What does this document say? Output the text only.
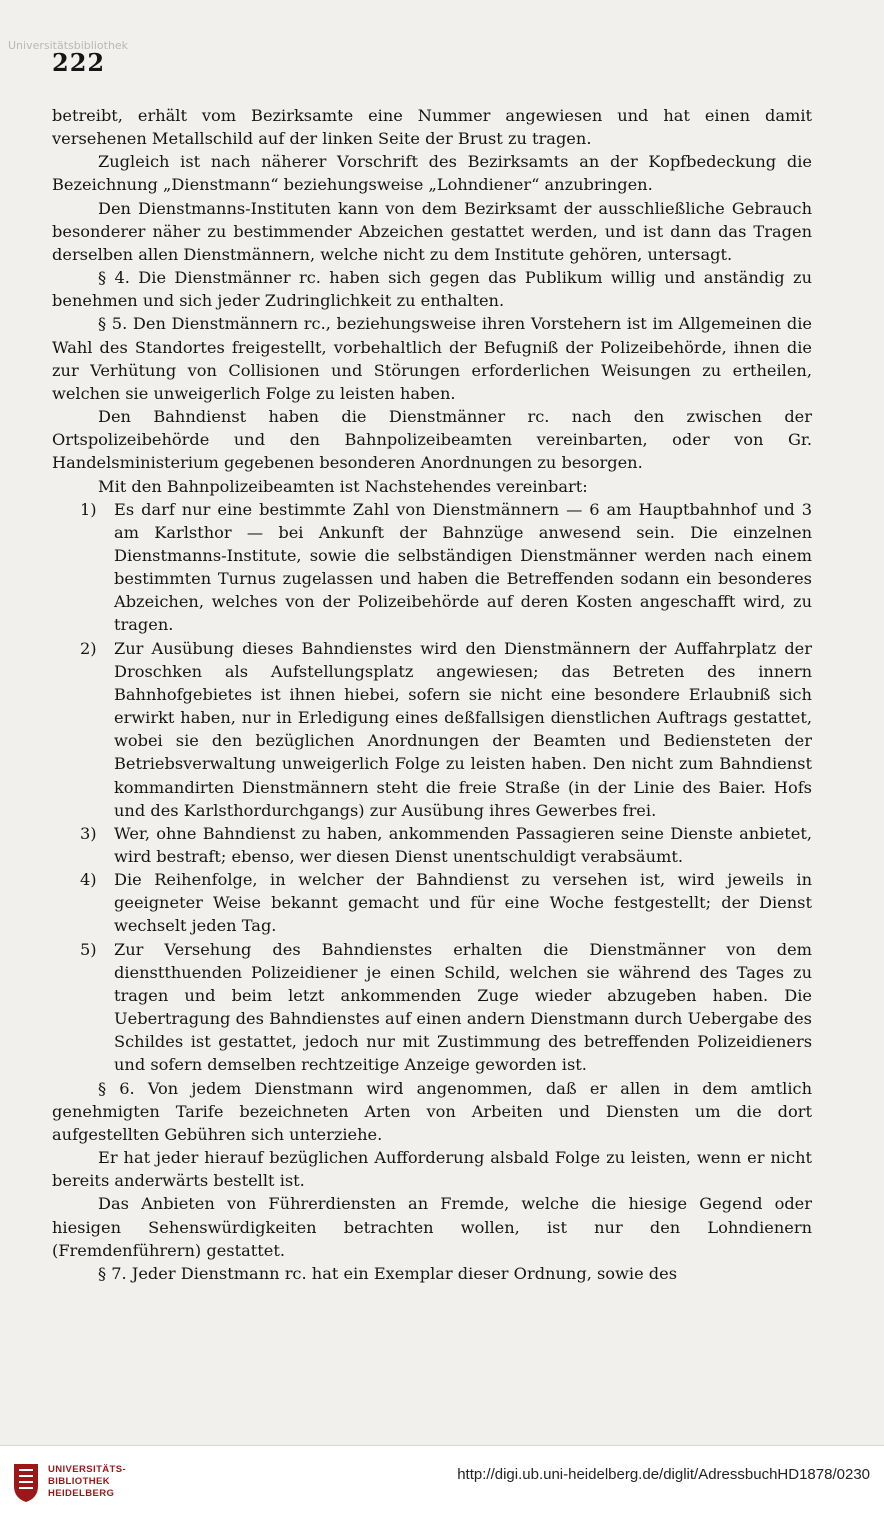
Universitätsbibliothek
222

betreibt, erhält vom Bezirksamte eine Nummer angewiesen und hat einen damit versehenen Metallschild auf der linken Seite der Brust zu tragen.

Zugleich ist nach näherer Vorschrift des Bezirksamts an der Kopfbedeckung die Bezeichnung „Dienstmann“ beziehungsweise „Lohndiener“ anzubringen.

Den Dienstmanns-Instituten kann von dem Bezirksamt der ausschließliche Gebrauch besonderer näher zu bestimmender Abzeichen gestattet werden, und ist dann das Tragen derselben allen Dienstmännern, welche nicht zu dem Institute gehören, untersagt.

§ 4. Die Dienstmänner rc. haben sich gegen das Publikum willig und anständig zu benehmen und sich jeder Zudringlichkeit zu enthalten.

§ 5. Den Dienstmännern rc., beziehungsweise ihren Vorstehern ist im Allgemeinen die Wahl des Standortes freigestellt, vorbehaltlich der Befugniß der Polizeibehörde, ihnen die zur Verhütung von Collisionen und Störungen erforderlichen Weisungen zu ertheilen, welchen sie unweigerlich Folge zu leisten haben.

Den Bahndienst haben die Dienstmänner rc. nach den zwischen der Ortspolizeibehörde und den Bahnpolizeibeamten vereinbarten, oder von Gr. Handelsministerium gegebenen besonderen Anordnungen zu besorgen.

Mit den Bahnpolizeibeamten ist Nachstehendes vereinbart:

1) Es darf nur eine bestimmte Zahl von Dienstmännern — 6 am Hauptbahnhof und 3 am Karlsthor — bei Ankunft der Bahnzüge anwesend sein. Die einzelnen Dienstmanns-Institute, sowie die selbständigen Dienstmänner werden nach einem bestimmten Turnus zugelassen und haben die Betreffenden sodann ein besonderes Abzeichen, welches von der Polizeibehörde auf deren Kosten angeschafft wird, zu tragen.
2) Zur Ausübung dieses Bahndienstes wird den Dienstmännern der Auffahrplatz der Droschken als Aufstellungsplatz angewiesen; das Betreten des innern Bahnhofgebietes ist ihnen hiebei, sofern sie nicht eine besondere Erlaubniß sich erwirkt haben, nur in Erledigung eines deßfallsigen dienstlichen Auftrags gestattet, wobei sie den bezüglichen Anordnungen der Beamten und Bediensteten der Betriebsverwaltung unweigerlich Folge zu leisten haben. Den nicht zum Bahndienst kommandirten Dienstmännern steht die freie Straße (in der Linie des Baier. Hofs und des Karlsthordurchgangs) zur Ausübung ihres Gewerbes frei.
3) Wer, ohne Bahndienst zu haben, ankommenden Passagieren seine Dienste anbietet, wird bestraft; ebenso, wer diesen Dienst unentschuldigt verabsäumt.
4) Die Reihenfolge, in welcher der Bahndienst zu versehen ist, wird jeweils in geeigneter Weise bekannt gemacht und für eine Woche festgestellt; der Dienst wechselt jeden Tag.
5) Zur Versehung des Bahndienstes erhalten die Dienstmänner von dem dienstthuenden Polizeidiener je einen Schild, welchen sie während des Tages zu tragen und beim letzt ankommenden Zuge wieder abzugeben haben. Die Uebertragung des Bahndienstes auf einen andern Dienstmann durch Uebergabe des Schildes ist gestattet, jedoch nur mit Zustimmung des betreffenden Polizeidieners und sofern demselben rechtzeitige Anzeige geworden ist.

§ 6. Von jedem Dienstmann wird angenommen, daß er allen in dem amtlich genehmigten Tarife bezeichneten Arten von Arbeiten und Diensten um die dort aufgestellten Gebühren sich unterziehe.

Er hat jeder hierauf bezüglichen Aufforderung alsbald Folge zu leisten, wenn er nicht bereits anderwärts bestellt ist.

Das Anbieten von Führerdiensten an Fremde, welche die hiesige Gegend oder hiesigen Sehenswürdigkeiten betrachten wollen, ist nur den Lohndienern (Fremdenführern) gestattet.

§ 7. Jeder Dienstmann rc. hat ein Exemplar dieser Ordnung, sowie des

UNIVERSITÄTS-
BIBLIOTHEK
HEIDELBERG
http://digi.ub.uni-heidelberg.de/diglit/AdressbuchHD1878/0230
